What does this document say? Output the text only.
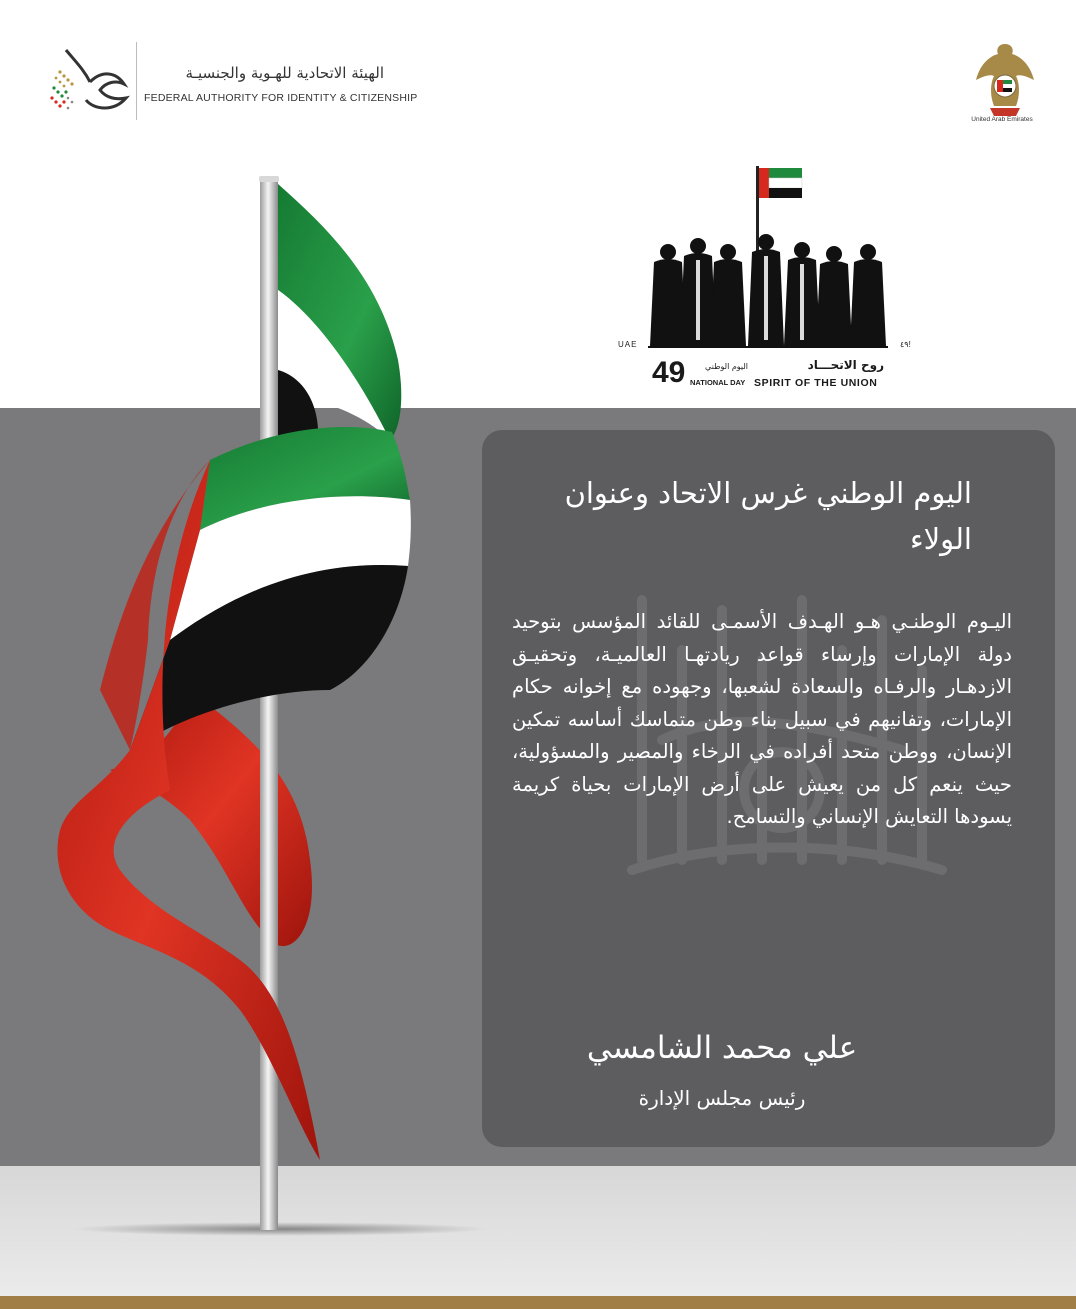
الهيئة الاتحادية للهـوية والجنسيـة
FEDERAL AUTHORITY FOR IDENTITY & CITIZENSHIP
United Arab Emirates
UAE	٤٩!
49	اليوم الوطني
NATIONAL DAY
روح الاتحـــاد
SPIRIT OF THE UNION
اليوم الوطني غرس الاتحاد وعنوان الولاء
اليـوم الوطنـي هـو الهـدف الأسمـى للقائد المؤسس بتوحيد دولة الإمارات وإرساء قواعد ريادتهـا العالميـة، وتحقيـق الازدهـار والرفـاه والسعادة لشعبها، وجهوده مع إخوانه حكام الإمارات، وتفانيهم في سبيل بناء وطن متماسك أساسه تمكين الإنسان، ووطن متحد أفراده في الرخاء والمصير والمسؤولية، حيث ينعم كل من يعيش على أرض الإمارات بحياة كريمة يسودها التعايش الإنساني والتسامح.
علي محمد الشامسي
رئيس مجلس الإدارة
